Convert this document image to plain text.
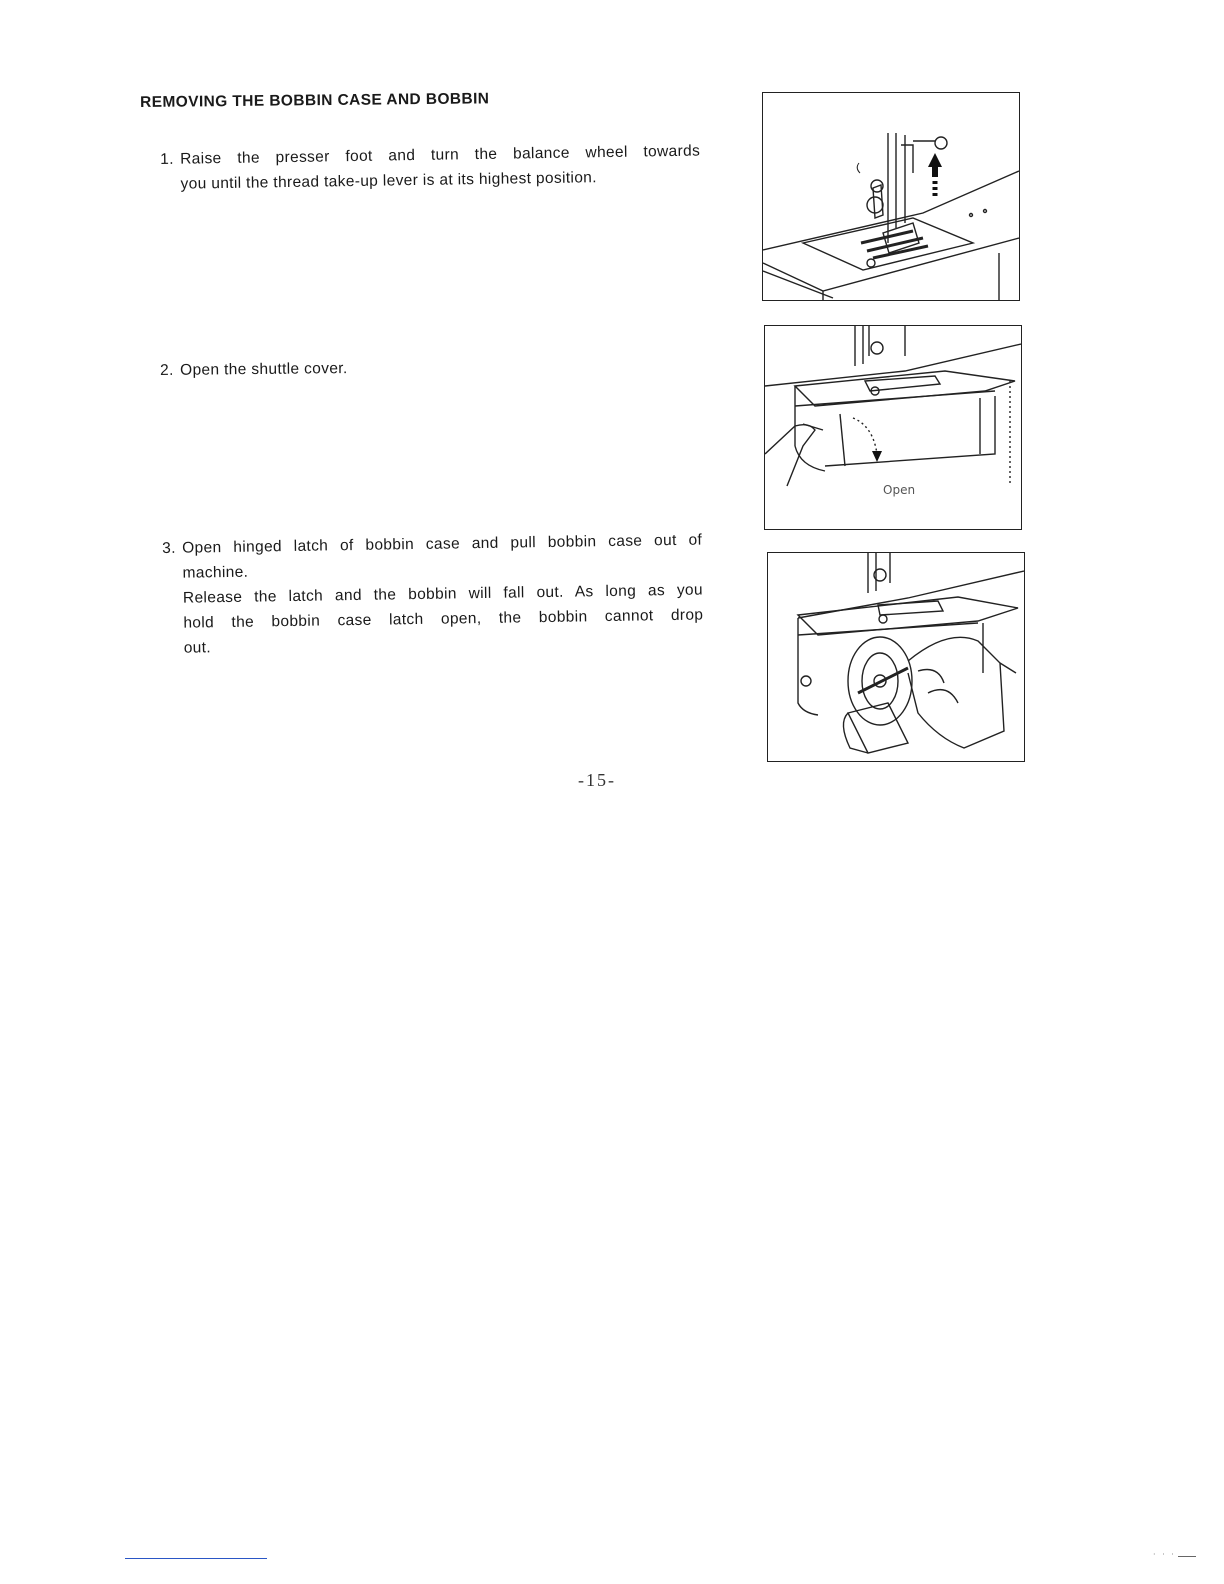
REMOVING THE BOBBIN CASE AND BOBBIN
1. Raise the presser foot and turn the balance wheel towards

you until the thread take-up lever is at its highest position.

2. Open the shuttle cover.

3. Open hinged latch of bobbin case and pull bobbin case out of

machine.

Release the latch and the bobbin will fall out. As long as you

hold the bobbin case latch open, the bobbin cannot drop

out.

Open
-15-
· · ·
